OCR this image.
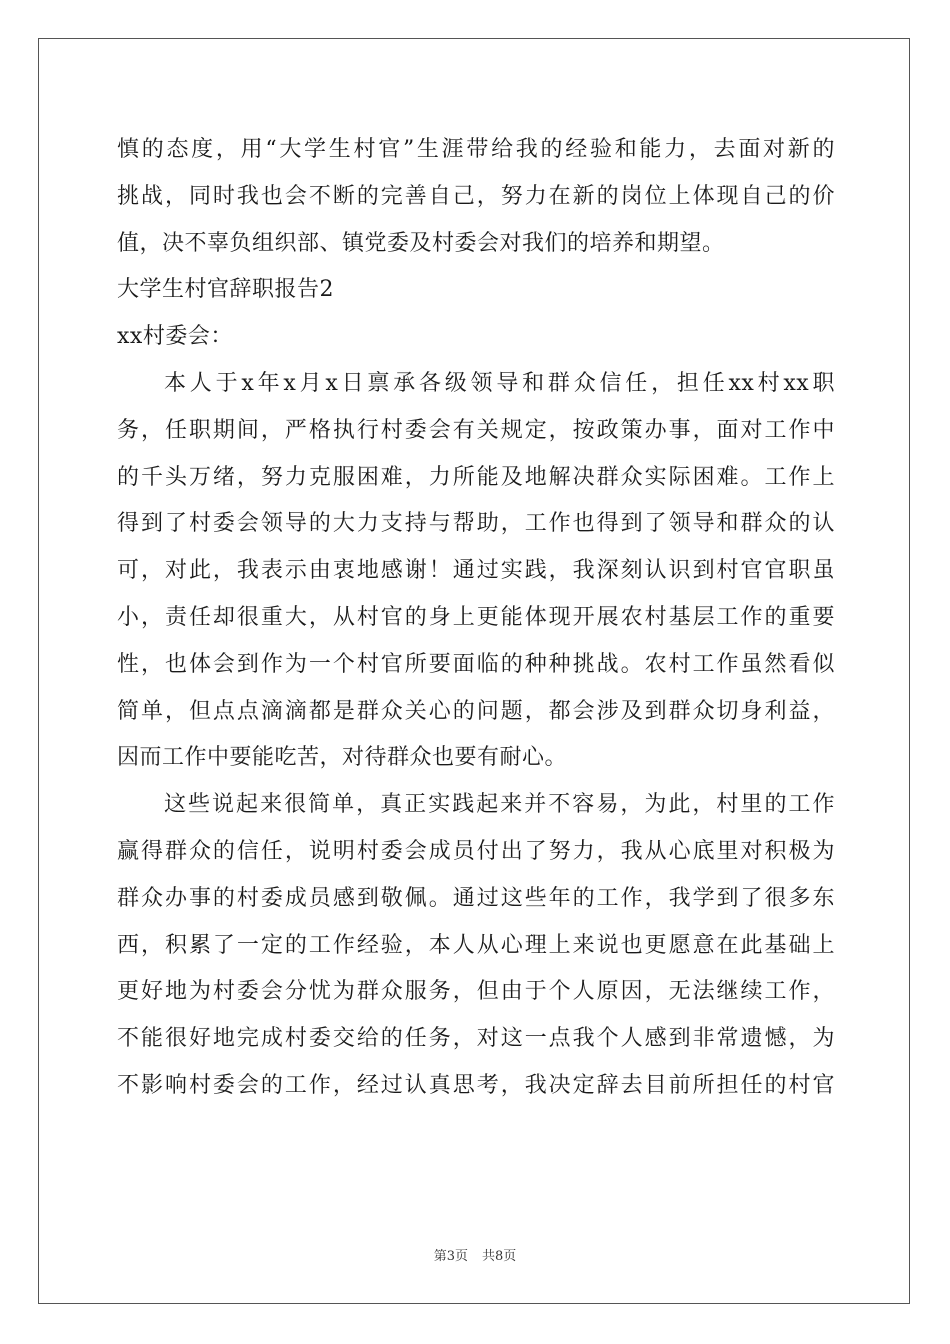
慎的态度，用“大学生村官”生涯带给我的经验和能力，去面对新的
挑战，同时我也会不断的完善自己，努力在新的岗位上体现自己的价
值，决不辜负组织部、镇党委及村委会对我们的培养和期望。
大学生村官辞职报告2
xx村委会：
本人于x年x月x日禀承各级领导和群众信任，担任xx村xx职
务，任职期间，严格执行村委会有关规定，按政策办事，面对工作中
的千头万绪，努力克服困难，力所能及地解决群众实际困难。工作上
得到了村委会领导的大力支持与帮助，工作也得到了领导和群众的认
可，对此，我表示由衷地感谢！通过实践，我深刻认识到村官官职虽
小，责任却很重大，从村官的身上更能体现开展农村基层工作的重要
性，也体会到作为一个村官所要面临的种种挑战。农村工作虽然看似
简单，但点点滴滴都是群众关心的问题，都会涉及到群众切身利益，
因而工作中要能吃苦，对待群众也要有耐心。
这些说起来很简单，真正实践起来并不容易，为此，村里的工作
赢得群众的信任，说明村委会成员付出了努力，我从心底里对积极为
群众办事的村委成员感到敬佩。通过这些年的工作，我学到了很多东
西，积累了一定的工作经验，本人从心理上来说也更愿意在此基础上
更好地为村委会分忧为群众服务，但由于个人原因，无法继续工作，
不能很好地完成村委交给的任务，对这一点我个人感到非常遗憾，为
不影响村委会的工作，经过认真思考，我决定辞去目前所担任的村官
第3页 共8页
